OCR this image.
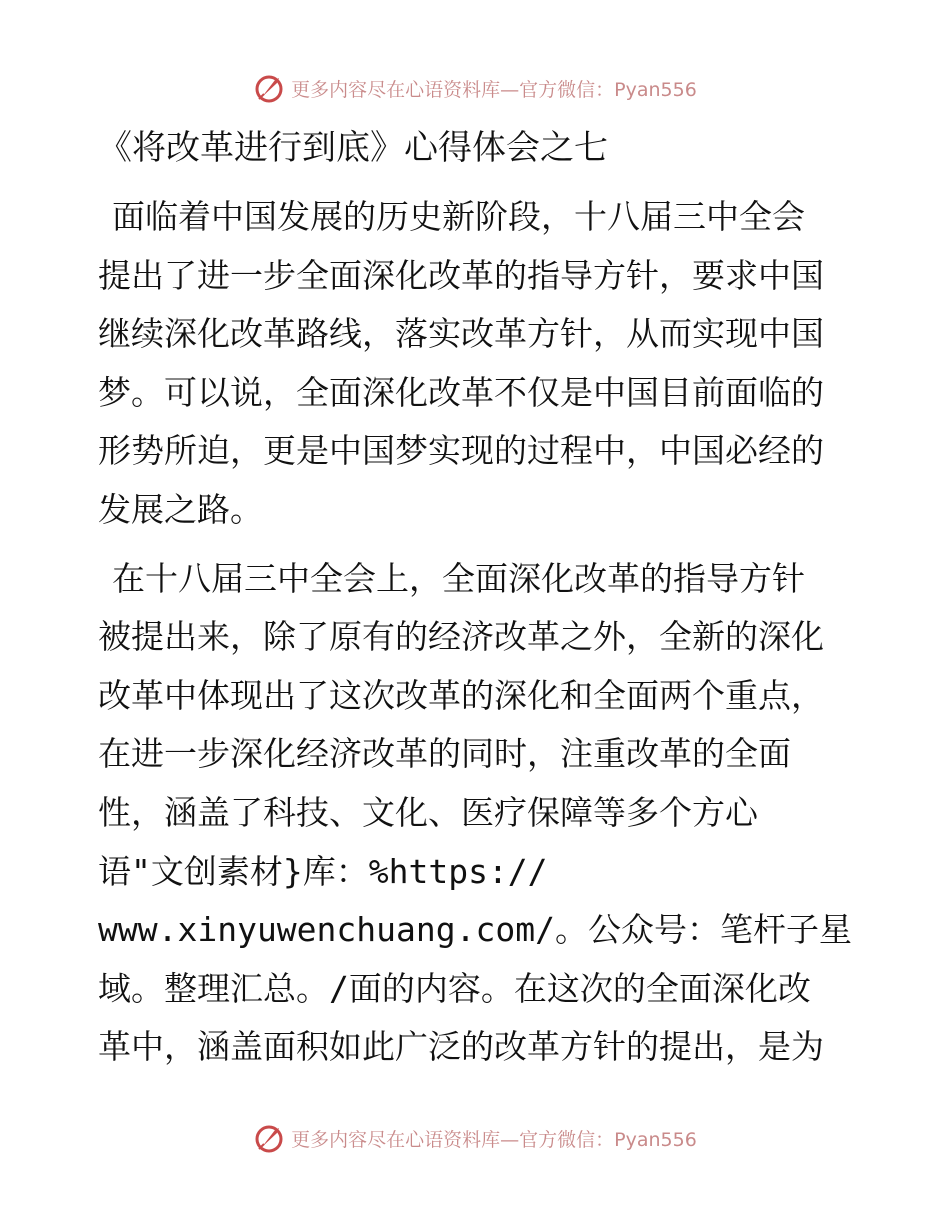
更多内容尽在心语资料库—官方微信：Pyan556
《将改革进行到底》心得体会之七
面临着中国发展的历史新阶段，十八届三中全会
提出了进一步全面深化改革的指导方针，要求中国
继续深化改革路线，落实改革方针，从而实现中国
梦。可以说，全面深化改革不仅是中国目前面临的
形势所迫，更是中国梦实现的过程中，中国必经的
发展之路。
在十八届三中全会上，全面深化改革的指导方针
被提出来，除了原有的经济改革之外，全新的深化
改革中体现出了这次改革的深化和全面两个重点，
在进一步深化经济改革的同时，注重改革的全面
性，涵盖了科技、文化、医疗保障等多个方心
语"文创素材}库：%https://
www.xinyuwenchuang.com/。公众号：笔杆子星
域。整理汇总。/面的内容。在这次的全面深化改
革中，涵盖面积如此广泛的改革方针的提出，是为
更多内容尽在心语资料库—官方微信：Pyan556
